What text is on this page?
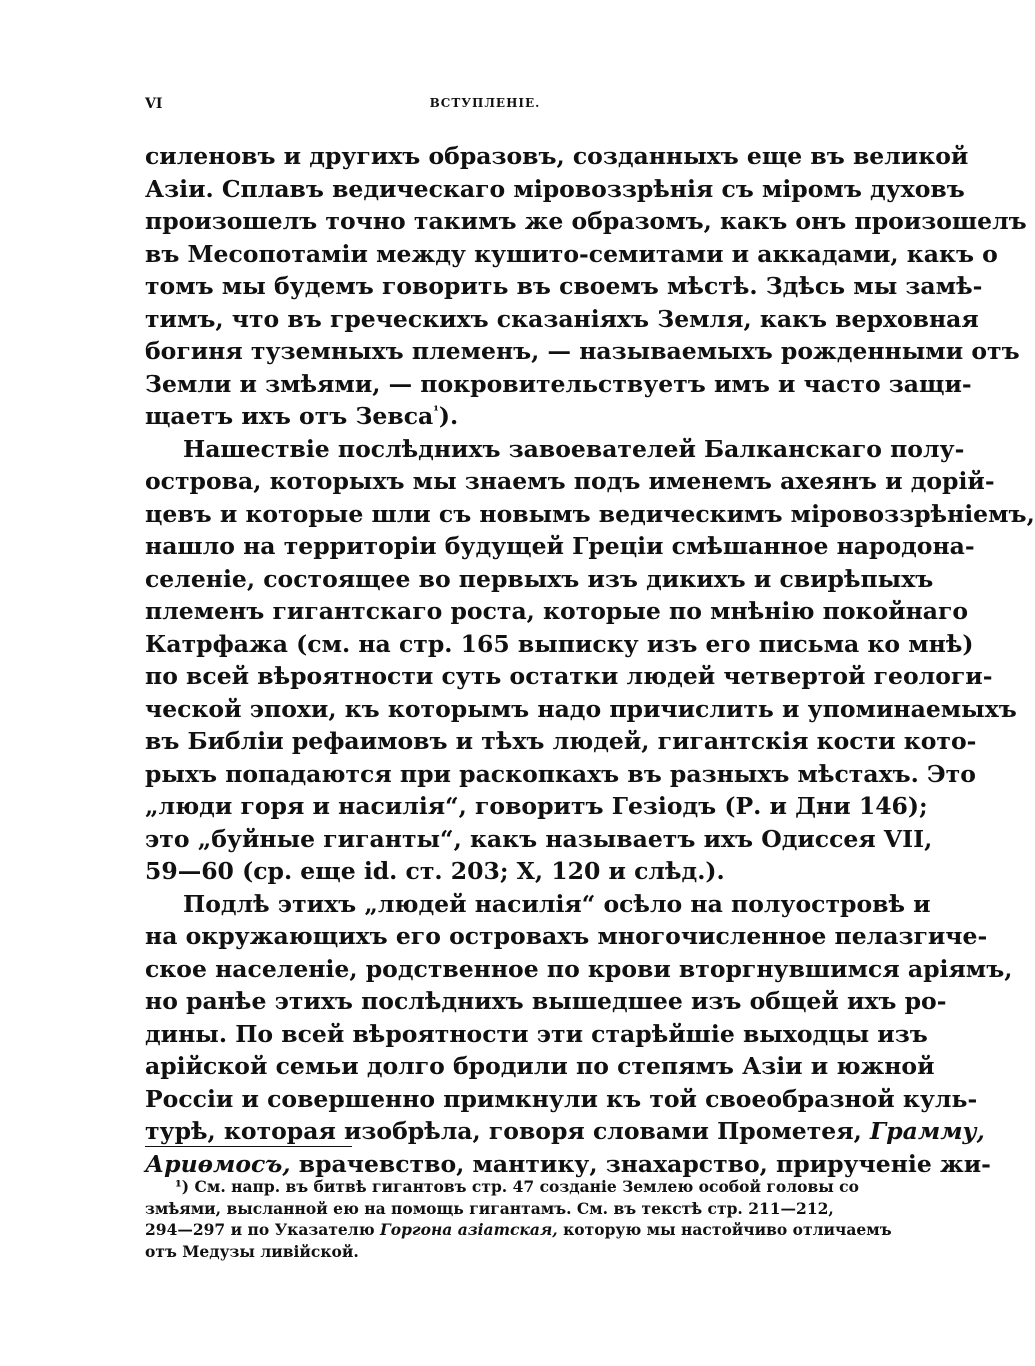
VI	ВСТУПЛЕНІЕ.
силеновъ и другихъ образовъ, созданныхъ еще въ великой
Азіи. Сплавъ ведическаго міровоззрѣнія съ міромъ духовъ
произошелъ точно такимъ же образомъ, какъ онъ произошелъ
въ Месопотаміи между кушито-семитами и аккадами, какъ о
томъ мы будемъ говорить въ своемъ мѣстѣ. Здѣсь мы замѣ-
тимъ, что въ греческихъ сказаніяхъ Земля, какъ верховная
богиня туземныхъ племенъ, — называемыхъ рожденными отъ
Земли и змѣями, — покровительствуетъ имъ и часто защи-
щаетъ ихъ отъ Зевса$^{^1}$).
Нашествіе послѣднихъ завоевателей Балканскаго полу-
острова, которыхъ мы знаемъ подъ именемъ ахеянъ и дорій-
цевъ и которые шли съ новымъ ведическимъ міровоззрѣніемъ,
нашло на территоріи будущей Греціи смѣшанное народона-
селеніе, состоящее во первыхъ изъ дикихъ и свирѣпыхъ
племенъ гигантскаго роста, которые по мнѣнію покойнаго
Катрфажа (см. на стр. 165 выписку изъ его письма ко мнѣ)
по всей вѣроятности суть остатки людей четвертой геологи-
ческой эпохи, къ которымъ надо причислить и упоминаемыхъ
въ Библіи рефаимовъ и тѣхъ людей, гигантскія кости кото-
рыхъ попадаются при раскопкахъ въ разныхъ мѣстахъ. Это
„люди горя и насилія“, говоритъ Гезіодъ (Р. и Дни 146);
это „буйные гиганты“, какъ называетъ ихъ Одиссея VII,
59—60 (ср. еще id. ст. 203; X, 120 и слѣд.).
Подлѣ этихъ „людей насилія“ осѣло на полуостровѣ и
на окружающихъ его островахъ многочисленное пелазгиче-
ское населеніе, родственное по крови вторгнувшимся аріямъ,
но ранѣе этихъ послѣднихъ вышедшее изъ общей ихъ ро-
дины. По всей вѣроятности эти старѣйшіе выходцы изъ
арійской семьи долго бродили по степямъ Азіи и южной
Россіи и совершенно примкнули къ той своеобразной куль-
турѣ, которая изобрѣла, говоря словами Прометея, Грамму,
Ариѳмосъ, врачевство, мантику, знахарство, прирученіе жи-
¹) См. напр. въ битвѣ гигантовъ стр. 47 созданіе Землею особой головы со
змѣями, высланной ею на помощь гигантамъ. См. въ текстѣ стр. 211—212,
294—297 и по Указателю Горгона азіатская, которую мы настойчиво отличаемъ
отъ Медузы ливійской.
